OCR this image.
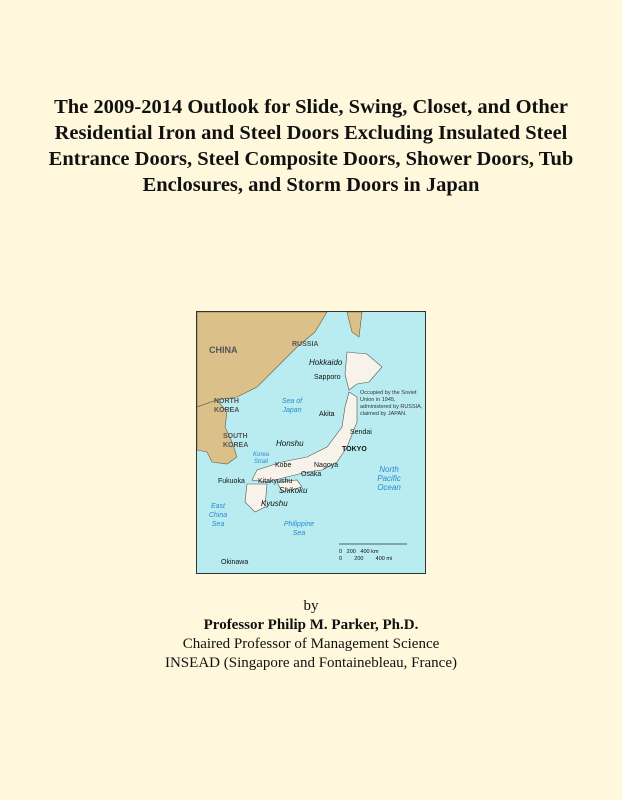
The 2009-2014 Outlook for Slide, Swing, Closet, and Other Residential Iron and Steel Doors Excluding Insulated Steel Entrance Doors, Steel Composite Doors, Shower Doors, Tub Enclosures, and Storm Doors in Japan
CHINA
RUSSIA
NORTH KOREA
SOUTH KOREA
Hokkaido
Honshu
Shikoku
Kyushu
Sapporo
Akita
Sendai
TOKYO
Kobe	Nagoya
Osaka
Fukuoka Kitakyushu
Okinawa
Sea of Japan
Korea Strait
North Pacific Ocean
East China Sea	Philippine Sea
Occupied by the Soviet Union in 1945, administered by RUSSIA, claimed by JAPAN.
0   200   400 km
0        200        400 mi
by
Professor Philip M. Parker, Ph.D.
Chaired Professor of Management Science
INSEAD (Singapore and Fontainebleau, France)
